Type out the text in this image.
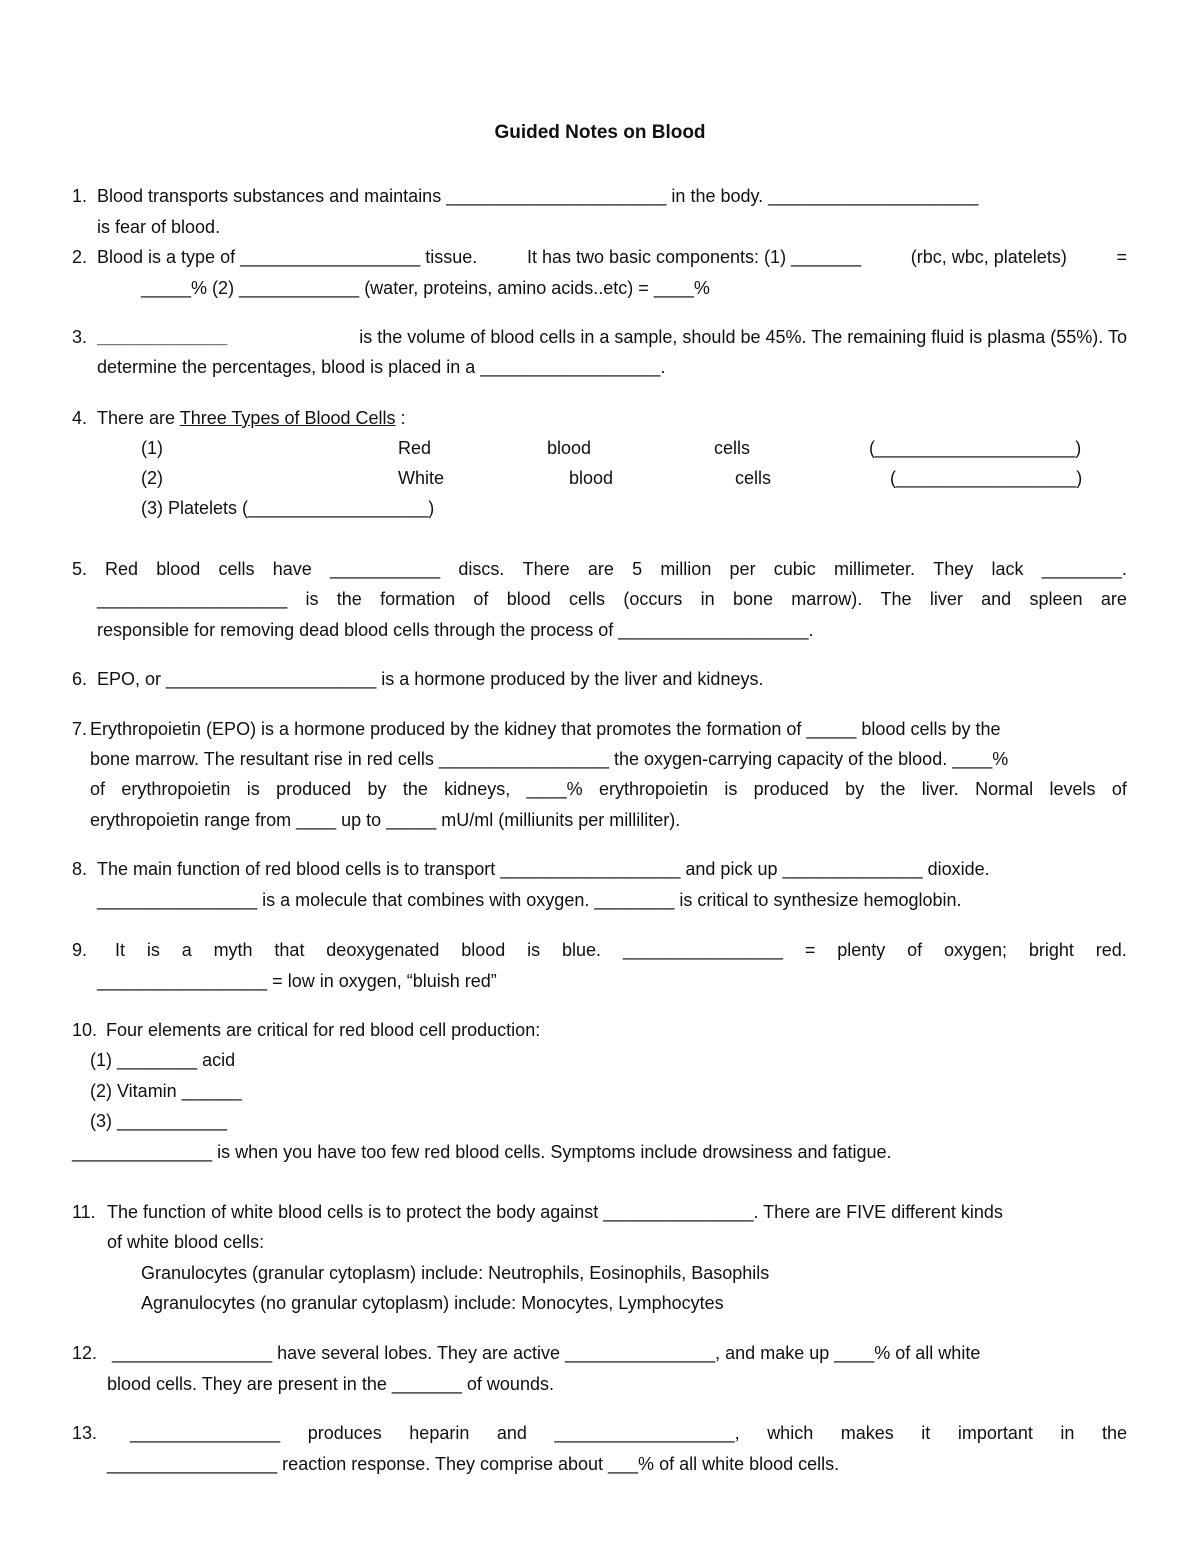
Guided Notes on Blood
1. Blood transports substances and maintains ______________________ in the body. _____________________
is fear of blood.
2. Blood is a type of __________________ tissue.	It has two basic components: (1) _______	(rbc, wbc, platelets)	=
_____% (2) ____________ (water, proteins, amino acids..etc) = ____%
3. _____________	is the volume of blood cells in a sample, should be 45%. The remaining fluid is plasma (55%). To
determine the percentages, blood is placed in a __________________.
4. There are Three Types of Blood Cells :
(1)	Red	blood	cells	(____________________)
(2)	White	blood	cells	(__________________)
(3) Platelets (__________________)
5. Red blood cells have ___________ discs. There are 5 million per cubic millimeter. They lack ________.
___________________ is the formation of blood cells (occurs in bone marrow). The liver and spleen are
responsible for removing dead blood cells through the process of ___________________.
6. EPO, or _____________________ is a hormone produced by the liver and kidneys.
7. Erythropoietin (EPO) is a hormone produced by the kidney that promotes the formation of _____ blood cells by the
bone marrow. The resultant rise in red cells _________________ the oxygen-carrying capacity of the blood. ____%
of erythropoietin is produced by the kidneys, ____% erythropoietin is produced by the liver. Normal levels of
erythropoietin range from ____ up to _____ mU/ml (milliunits per milliliter).
8. The main function of red blood cells is to transport __________________ and pick up ______________ dioxide.
________________ is a molecule that combines with oxygen. ________ is critical to synthesize hemoglobin.
9. It is a myth that deoxygenated blood is blue. ________________ = plenty of oxygen; bright red.
_________________ = low in oxygen, “bluish red”
10. Four elements are critical for red blood cell production:
(1) ________ acid
(2) Vitamin ______
(3) ___________
______________ is when you have too few red blood cells. Symptoms include drowsiness and fatigue.
11. The function of white blood cells is to protect the body against _______________. There are FIVE different kinds
of white blood cells:
Granulocytes (granular cytoplasm) include: Neutrophils, Eosinophils, Basophils
Agranulocytes (no granular cytoplasm) include: Monocytes, Lymphocytes
12. ________________ have several lobes. They are active _______________, and make up ____% of all white
blood cells. They are present in the _______ of wounds.
13. _______________ produces heparin and __________________, which makes it important in the
_________________ reaction response. They comprise about ___% of all white blood cells.
